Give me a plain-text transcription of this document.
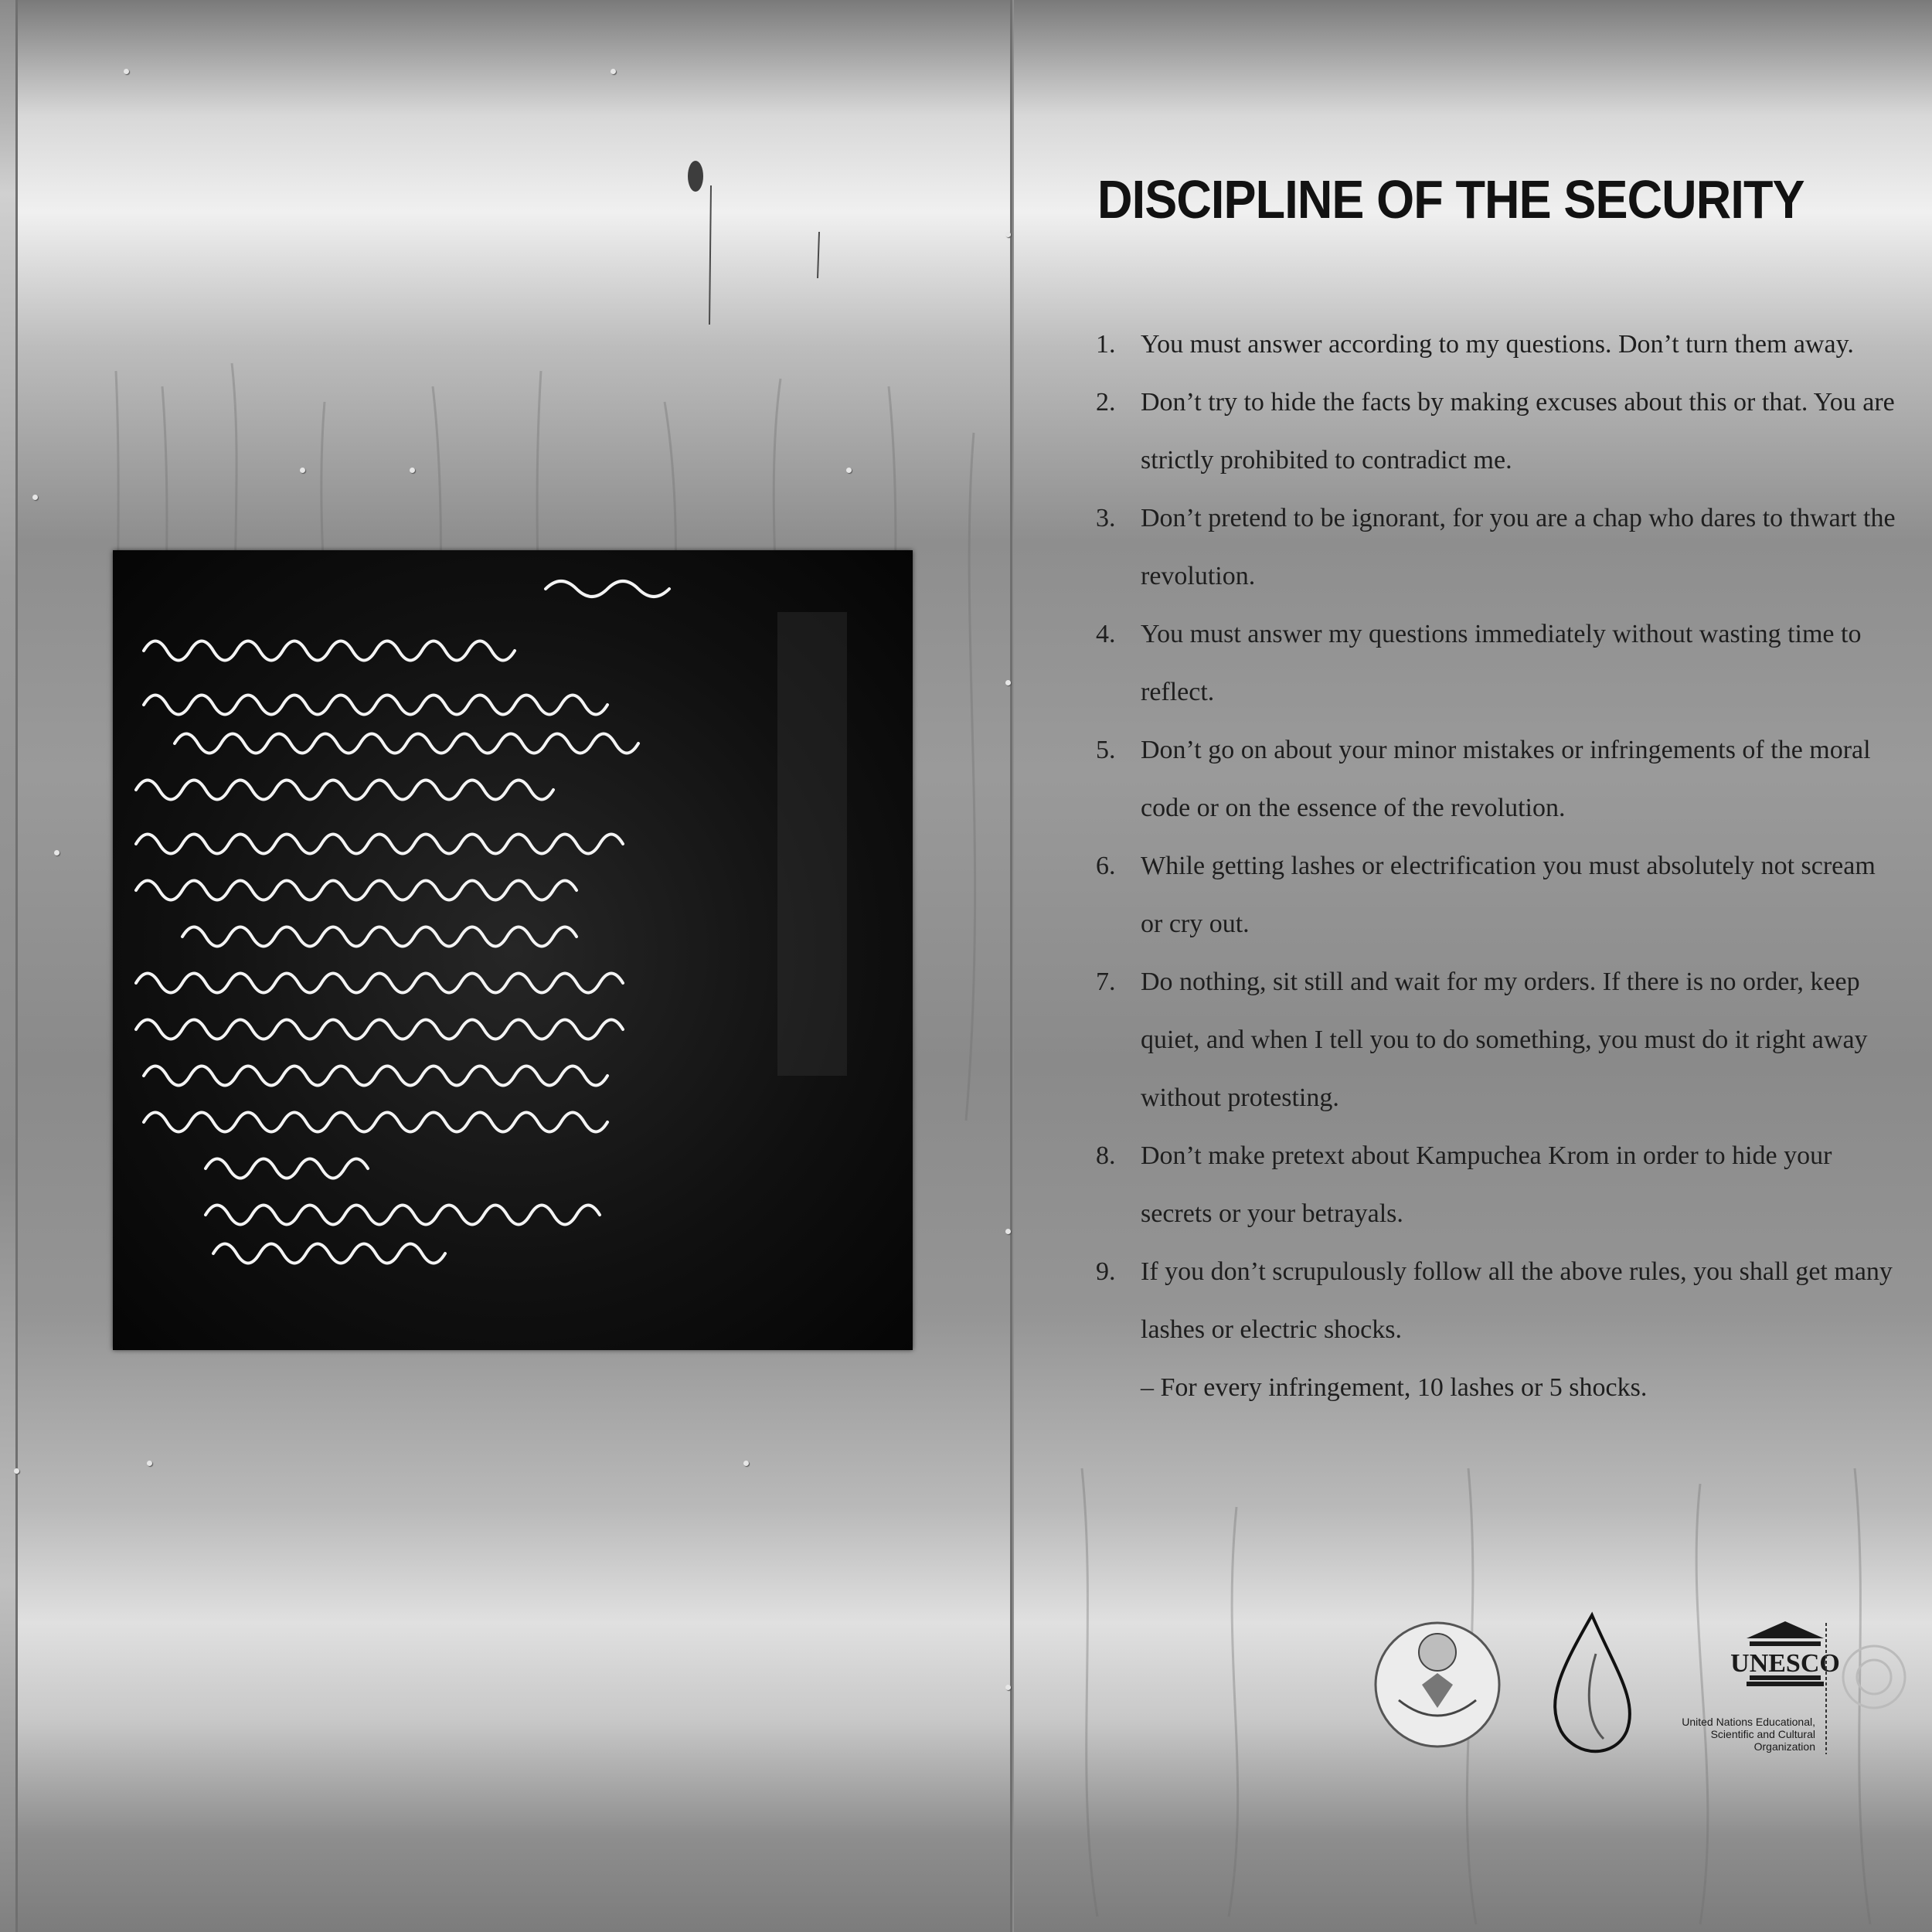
DISCIPLINE OF THE SECURITY
1. You must answer according to my questions. Don’t turn them away.
2. Don’t try to hide the facts by making excuses about this or that. You are strictly prohibited to contradict me.
3. Don’t pretend to be ignorant, for you are a chap who dares to thwart the revolution.
4. You must answer my questions immediately without wasting time to reflect.
5. Don’t go on about your minor mistakes or infringements of the moral code or on the essence of the revolution.
6. While getting lashes or electrification you must absolutely not scream or cry out.
7. Do nothing, sit still and wait for my orders. If there is no order, keep quiet, and when I tell you to do something, you must do it right away without protesting.
8. Don’t make pretext about Kampuchea Krom in order to hide your secrets or your betrayals.
9. If you don’t scrupulously follow all the above rules, you shall get many lashes or electric shocks.
– For every infringement, 10 lashes or 5 shocks.
UNESCO
United Nations Educational, Scientific and Cultural Organization
